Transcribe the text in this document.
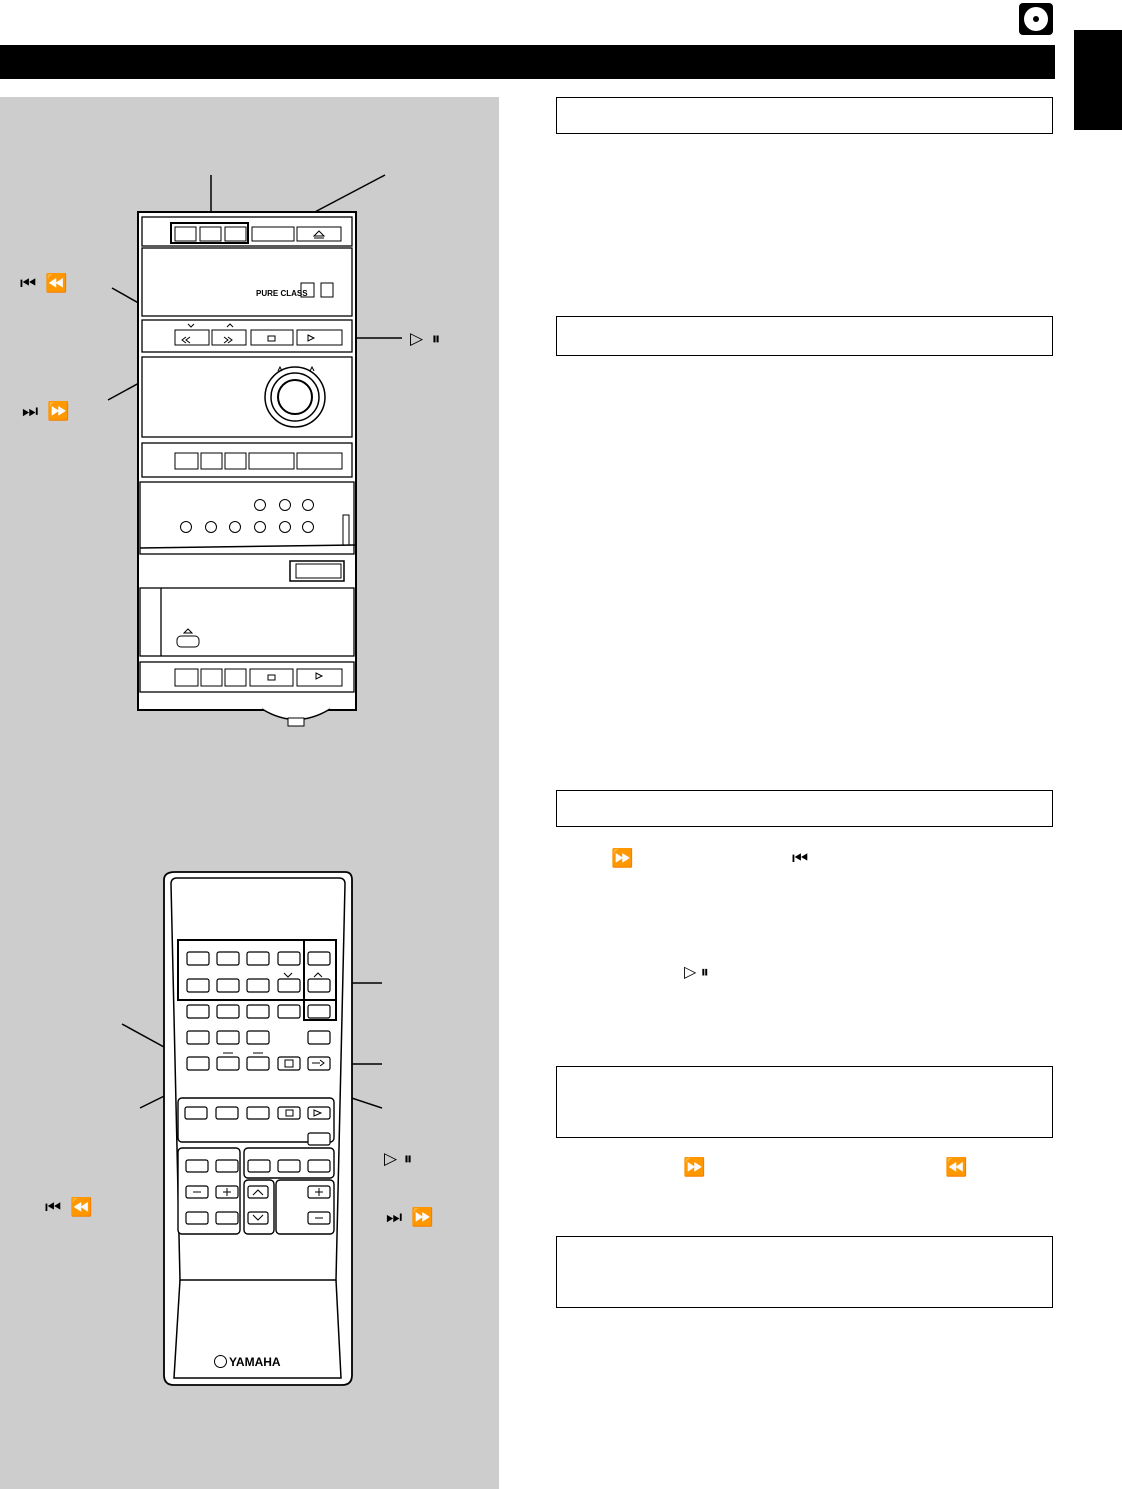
PURE CLASS
⏮ ⏪
⏭ ⏩
▷ ⏸
YAMAHA
▷ ⏸
⏮ ⏪	⏭ ⏩
⏩	⏮
▷ ⏸
⏩	⏪
